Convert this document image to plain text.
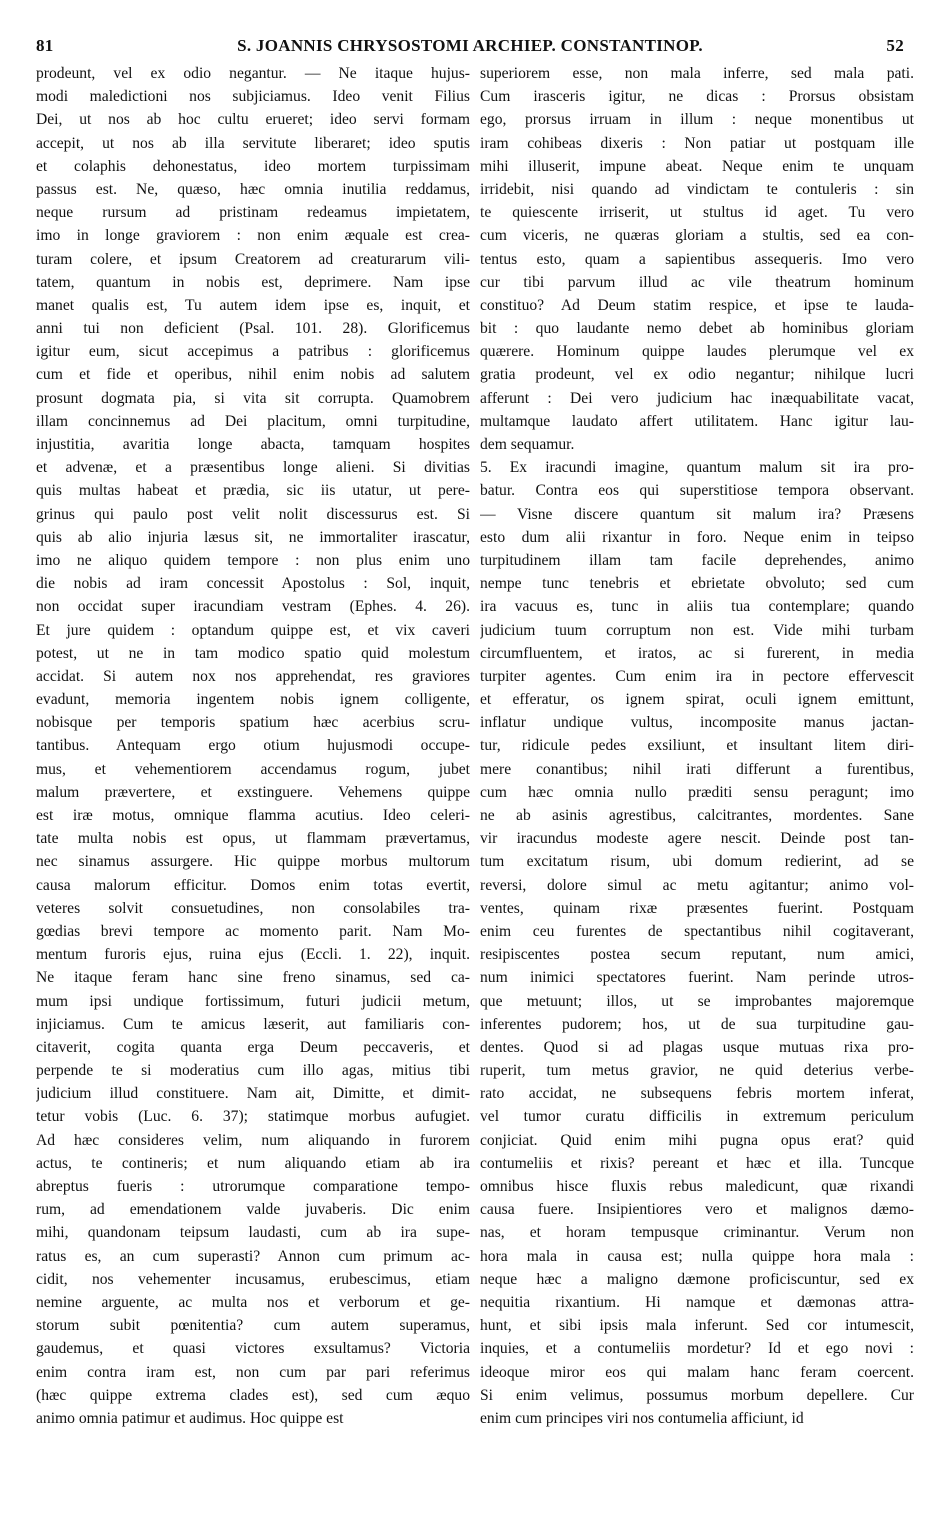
81	S. JOANNIS CHRYSOSTOMI ARCHIEP. CONSTANTINOP.	52
prodeunt, vel ex odio negantur. — Ne itaque hujus-
modi maledictioni nos subjiciamus. Ideo venit Filius
Dei, ut nos ab hoc cultu erueret; ideo servi formam
accepit, ut nos ab illa servitute liberaret; ideo sputis
et colaphis dehonestatus, ideo mortem turpissimam
passus est. Ne, quæso, hæc omnia inutilia reddamus,
neque rursum ad pristinam redeamus impietatem,
imo in longe graviorem : non enim æquale est crea-
turam colere, et ipsum Creatorem ad creaturarum vili-
tatem, quantum in nobis est, deprimere. Nam ipse
manet qualis est, Tu autem idem ipse es, inquit, et
anni tui non deficient (Psal. 101. 28). Glorificemus
igitur eum, sicut accepimus a patribus : glorificemus
cum et fide et operibus, nihil enim nobis ad salutem
prosunt dogmata pia, si vita sit corrupta. Quamobrem
illam concinnemus ad Dei placitum, omni turpitudine,
injustitia, avaritia longe abacta, tamquam hospites
et advenæ, et a præsentibus longe alieni. Si divitias
quis multas habeat et prædia, sic iis utatur, ut pere-
grinus qui paulo post velit nolit discessurus est. Si
quis ab alio injuria læsus sit, ne immortaliter irascatur,
imo ne aliquo quidem tempore : non plus enim uno
die nobis ad iram concessit Apostolus : Sol, inquit,
non occidat super iracundiam vestram (Ephes. 4. 26).
Et jure quidem : optandum quippe est, et vix caveri
potest, ut ne in tam modico spatio quid molestum
accidat. Si autem nox nos apprehendat, res graviores
evadunt, memoria ingentem nobis ignem colligente,
nobisque per temporis spatium hæc acerbius scru-
tantibus. Antequam ergo otium hujusmodi occupe-
mus, et vehementiorem accendamus rogum, jubet
malum prævertere, et exstinguere. Vehemens quippe
est iræ motus, omnique flamma acutius. Ideo celeri-
tate multa nobis est opus, ut flammam prævertamus,
nec sinamus assurgere. Hic quippe morbus multorum
causa malorum efficitur. Domos enim totas evertit,
veteres solvit consuetudines, non consolabiles tra-
gœdias brevi tempore ac momento parit. Nam Mo-
mentum furoris ejus, ruina ejus (Eccli. 1. 22), inquit.
Ne itaque feram hanc sine freno sinamus, sed ca-
mum ipsi undique fortissimum, futuri judicii metum,
injiciamus. Cum te amicus læserit, aut familiaris con-
citaverit, cogita quanta erga Deum peccaveris, et
perpende te si moderatius cum illo agas, mitius tibi
judicium illud constituere. Nam ait, Dimitte, et dimit-
tetur vobis (Luc. 6. 37); statimque morbus aufugiet.
Ad hæc consideres velim, num aliquando in furorem
actus, te contineris; et num aliquando etiam ab ira
abreptus fueris : utrorumque comparatione tempo-
rum, ad emendationem valde juvaberis. Dic enim
mihi, quandonam teipsum laudasti, cum ab ira supe-
ratus es, an cum superasti? Annon cum primum ac-
cidit, nos vehementer incusamus, erubescimus, etiam
nemine arguente, ac multa nos et verborum et ge-
storum subit pœnitentia? cum autem superamus,
gaudemus, et quasi victores exsultamus? Victoria
enim contra iram est, non cum par pari referimus
(hæc quippe extrema clades est), sed cum æquo
animo omnia patimur et audimus. Hoc quippe est
superiorem esse, non mala inferre, sed mala pati.
Cum irasceris igitur, ne dicas : Prorsus obsistam
ego, prorsus irruam in illum : neque monentibus ut
iram cohibeas dixeris : Non patiar ut postquam ille
mihi illuserit, impune abeat. Neque enim te unquam
irridebit, nisi quando ad vindictam te contuleris : sin
te quiescente irriserit, ut stultus id aget. Tu vero
cum viceris, ne quæras gloriam a stultis, sed ea con-
tentus esto, quam a sapientibus assequeris. Imo vero
cur tibi parvum illud ac vile theatrum hominum
constituo? Ad Deum statim respice, et ipse te lauda-
bit : quo laudante nemo debet ab hominibus gloriam
quærere. Hominum quippe laudes plerumque vel ex
gratia prodeunt, vel ex odio negantur; nihilque lucri
afferunt : Dei vero judicium hac inæquabilitate vacat,
multamque laudato affert utilitatem. Hanc igitur lau-
dem sequamur.
5. Ex iracundi imagine, quantum malum sit ira pro-
batur. Contra eos qui superstitiose tempora observant.
— Visne discere quantum sit malum ira? Præsens
esto dum alii rixantur in foro. Neque enim in teipso
turpitudinem illam tam facile deprehendes, animo
nempe tunc tenebris et ebrietate obvoluto; sed cum
ira vacuus es, tunc in aliis tua contemplare; quando
judicium tuum corruptum non est. Vide mihi turbam
circumfluentem, et iratos, ac si furerent, in media
turpiter agentes. Cum enim ira in pectore effervescit
et efferatur, os ignem spirat, oculi ignem emittunt,
inflatur undique vultus, incomposite manus jactan-
tur, ridicule pedes exsiliunt, et insultant litem diri-
mere conantibus; nihil irati differunt a furentibus,
cum hæc omnia nullo præditi sensu peragunt; imo
ne ab asinis agrestibus, calcitrantes, mordentes. Sane
vir iracundus modeste agere nescit. Deinde post tan-
tum excitatum risum, ubi domum redierint, ad se
reversi, dolore simul ac metu agitantur; animo vol-
ventes, quinam rixæ præsentes fuerint. Postquam
enim ceu furentes de spectantibus nihil cogitaverant,
resipiscentes postea secum reputant, num amici,
num inimici spectatores fuerint. Nam perinde utros-
que metuunt; illos, ut se improbantes majoremque
inferentes pudorem; hos, ut de sua turpitudine gau-
dentes. Quod si ad plagas usque mutuas rixa pro-
ruperit, tum metus gravior, ne quid deterius verbe-
rato accidat, ne subsequens febris mortem inferat,
vel tumor curatu difficilis in extremum periculum
conjiciat. Quid enim mihi pugna opus erat? quid
contumeliis et rixis? pereant et hæc et illa. Tuncque
omnibus hisce fluxis rebus maledicunt, quæ rixandi
causa fuere. Insipientiores vero et malignos dæmo-
nas, et horam tempusque criminantur. Verum non
hora mala in causa est; nulla quippe hora mala :
neque hæc a maligno dæmone proficiscuntur, sed ex
nequitia rixantium. Hi namque et dæmonas attra-
hunt, et sibi ipsis mala inferunt. Sed cor intumescit,
inquies, et a contumeliis mordetur? Id et ego novi :
ideoque miror eos qui malam hanc feram coercent.
Si enim velimus, possumus morbum depellere. Cur
enim cum principes viri nos contumelia afficiunt, id
